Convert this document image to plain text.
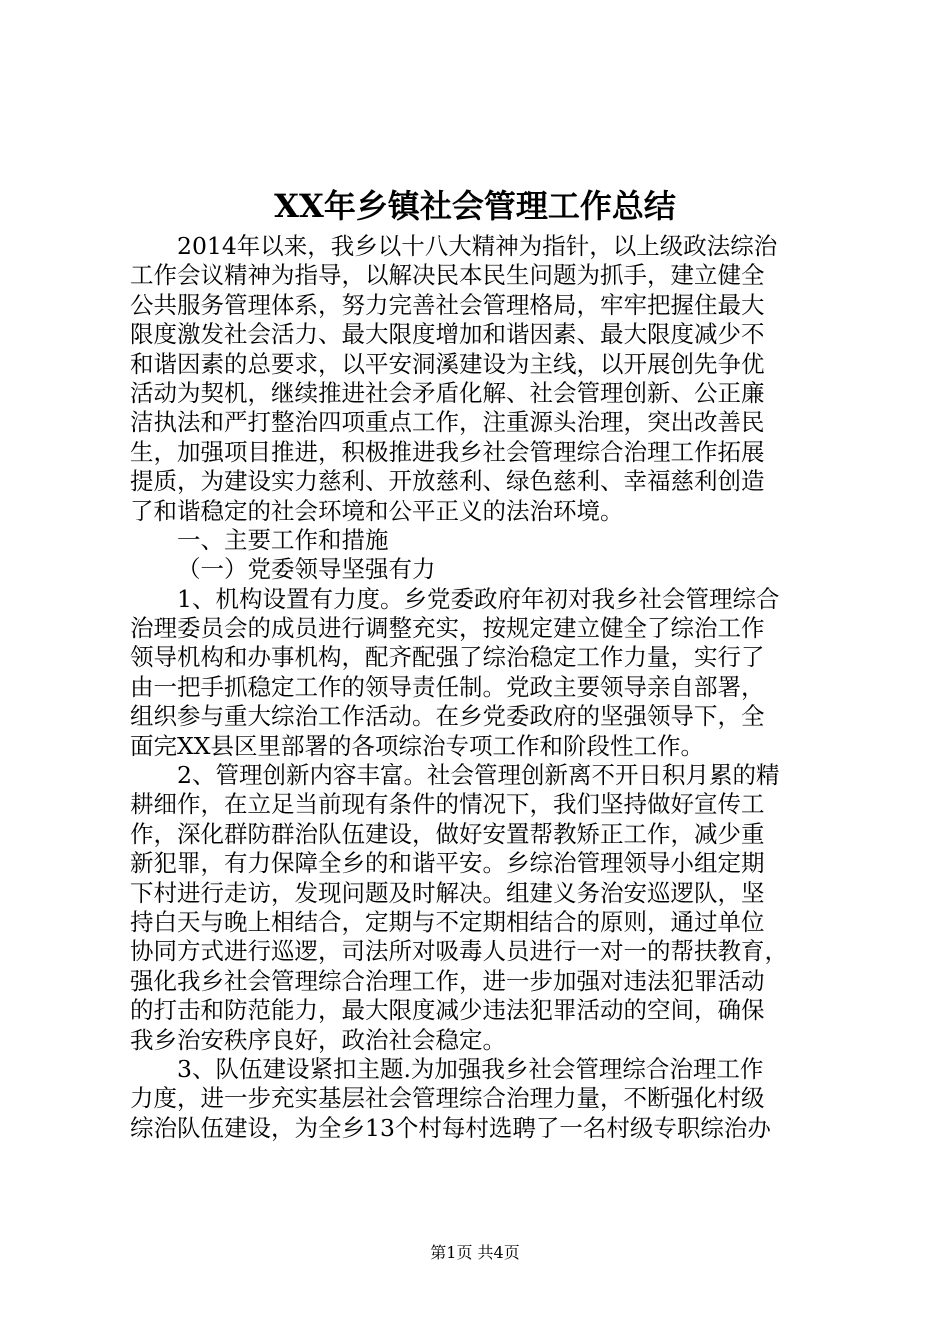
XX年乡镇社会管理工作总结
2014年以来，我乡以十八大精神为指针，以上级政法综治
工作会议精神为指导，以解决民本民生问题为抓手，建立健全
公共服务管理体系，努力完善社会管理格局，牢牢把握住最大
限度激发社会活力、最大限度增加和谐因素、最大限度减少不
和谐因素的总要求，以平安洞溪建设为主线，以开展创先争优
活动为契机，继续推进社会矛盾化解、社会管理创新、公正廉
洁执法和严打整治四项重点工作，注重源头治理，突出改善民
生，加强项目推进，积极推进我乡社会管理综合治理工作拓展
提质，为建设实力慈利、开放慈利、绿色慈利、幸福慈利创造
了和谐稳定的社会环境和公平正义的法治环境。
一、主要工作和措施
（一）党委领导坚强有力
1、机构设置有力度。乡党委政府年初对我乡社会管理综合
治理委员会的成员进行调整充实，按规定建立健全了综治工作
领导机构和办事机构，配齐配强了综治稳定工作力量，实行了
由一把手抓稳定工作的领导责任制。党政主要领导亲自部署，
组织参与重大综治工作活动。在乡党委政府的坚强领导下，全
面完XX县区里部署的各项综治专项工作和阶段性工作。
2、管理创新内容丰富。社会管理创新离不开日积月累的精
耕细作，在立足当前现有条件的情况下，我们坚持做好宣传工
作，深化群防群治队伍建设，做好安置帮教矫正工作，减少重
新犯罪，有力保障全乡的和谐平安。乡综治管理领导小组定期
下村进行走访，发现问题及时解决。组建义务治安巡逻队，坚
持白天与晚上相结合，定期与不定期相结合的原则，通过单位
协同方式进行巡逻，司法所对吸毒人员进行一对一的帮扶教育，
强化我乡社会管理综合治理工作，进一步加强对违法犯罪活动
的打击和防范能力，最大限度减少违法犯罪活动的空间，确保
我乡治安秩序良好，政治社会稳定。
3、队伍建设紧扣主题.为加强我乡社会管理综合治理工作
力度，进一步充实基层社会管理综合治理力量，不断强化村级
综治队伍建设，为全乡13个村每村选聘了一名村级专职综治办
第1页 共4页
